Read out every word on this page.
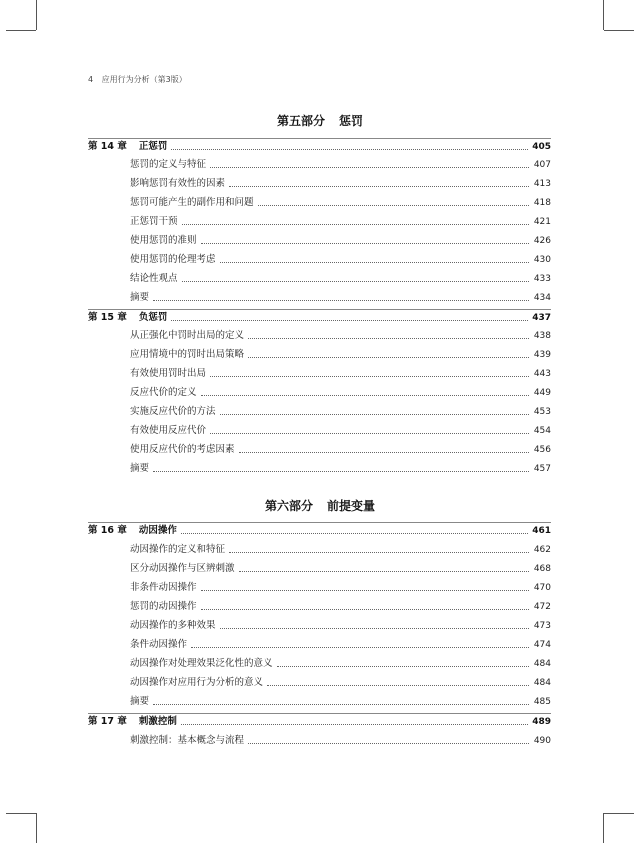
4 应用行为分析（第3版）
第五部分 惩罚
第 14 章 正惩罚	405
惩罚的定义与特征	407
影响惩罚有效性的因素	413
惩罚可能产生的副作用和问题	418
正惩罚干预	421
使用惩罚的准则	426
使用惩罚的伦理考虑	430
结论性观点	433
摘要	434
第 15 章 负惩罚	437
从正强化中罚时出局的定义	438
应用情境中的罚时出局策略	439
有效使用罚时出局	443
反应代价的定义	449
实施反应代价的方法	453
有效使用反应代价	454
使用反应代价的考虑因素	456
摘要	457
第六部分 前提变量
第 16 章 动因操作	461
动因操作的定义和特征	462
区分动因操作与区辨刺激	468
非条件动因操作	470
惩罚的动因操作	472
动因操作的多种效果	473
条件动因操作	474
动因操作对处理效果泛化性的意义	484
动因操作对应用行为分析的意义	484
摘要	485
第 17 章 刺激控制	489
刺激控制：基本概念与流程	490
